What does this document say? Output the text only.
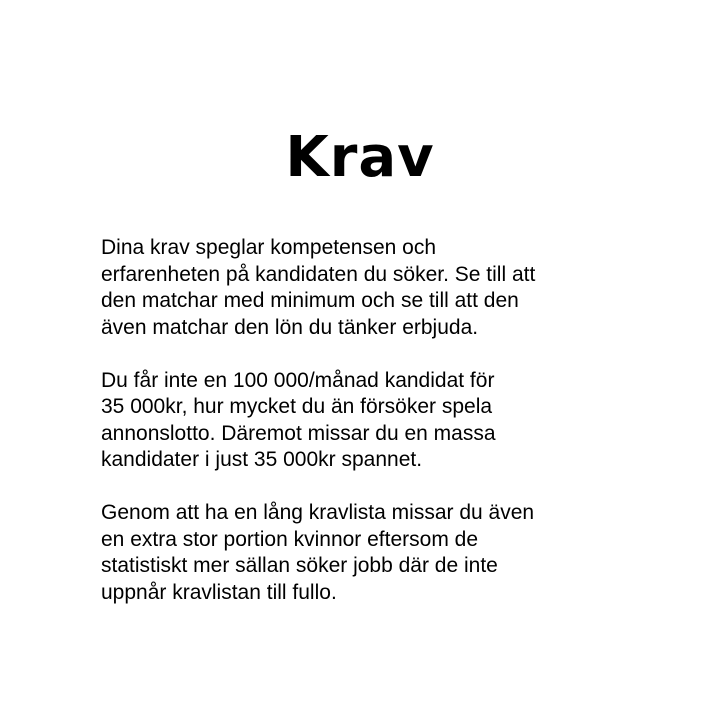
Krav

Dina krav speglar kompetensen och
erfarenheten på kandidaten du söker. Se till att
den matchar med minimum och se till att den
även matchar den lön du tänker erbjuda.

Du får inte en 100 000/månad kandidat för
35 000kr, hur mycket du än försöker spela
annonslotto. Däremot missar du en massa
kandidater i just 35 000kr spannet.

Genom att ha en lång kravlista missar du även
en extra stor portion kvinnor eftersom de
statistiskt mer sällan söker jobb där de inte
uppnår kravlistan till fullo.
